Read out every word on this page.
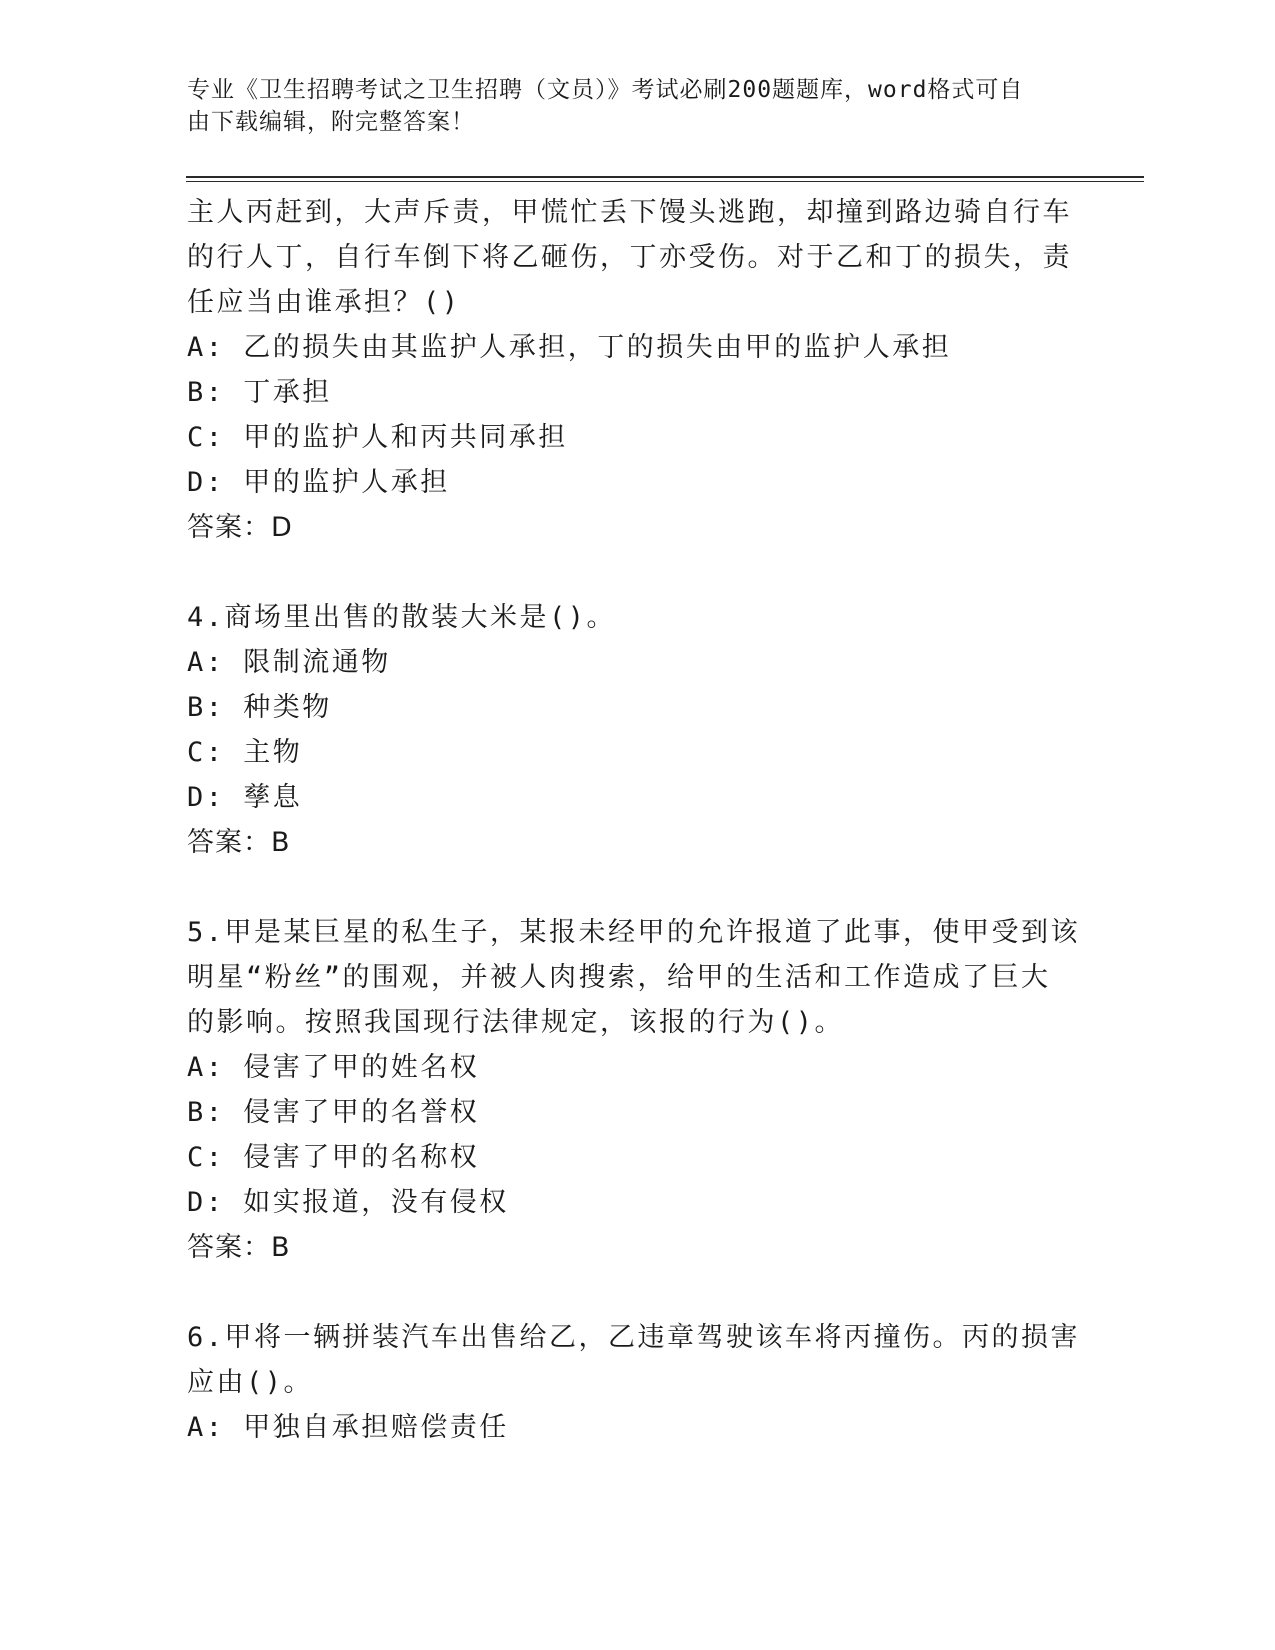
专业《卫生招聘考试之卫生招聘（文员）》考试必刷200题题库，word格式可自
由下载编辑，附完整答案！
主人丙赶到，大声斥责，甲慌忙丢下馒头逃跑，却撞到路边骑自行车
的行人丁，自行车倒下将乙砸伤，丁亦受伤。对于乙和丁的损失，责
任应当由谁承担？()
A: 乙的损失由其监护人承担，丁的损失由甲的监护人承担
B: 丁承担
C: 甲的监护人和丙共同承担
D: 甲的监护人承担
答案：D
4.商场里出售的散装大米是()。
A: 限制流通物
B: 种类物
C: 主物
D: 孳息
答案：B
5.甲是某巨星的私生子，某报未经甲的允许报道了此事，使甲受到该
明星“粉丝”的围观，并被人肉搜索，给甲的生活和工作造成了巨大
的影响。按照我国现行法律规定，该报的行为()。
A: 侵害了甲的姓名权
B: 侵害了甲的名誉权
C: 侵害了甲的名称权
D: 如实报道，没有侵权
答案：B
6.甲将一辆拼装汽车出售给乙，乙违章驾驶该车将丙撞伤。丙的损害
应由()。
A: 甲独自承担赔偿责任
